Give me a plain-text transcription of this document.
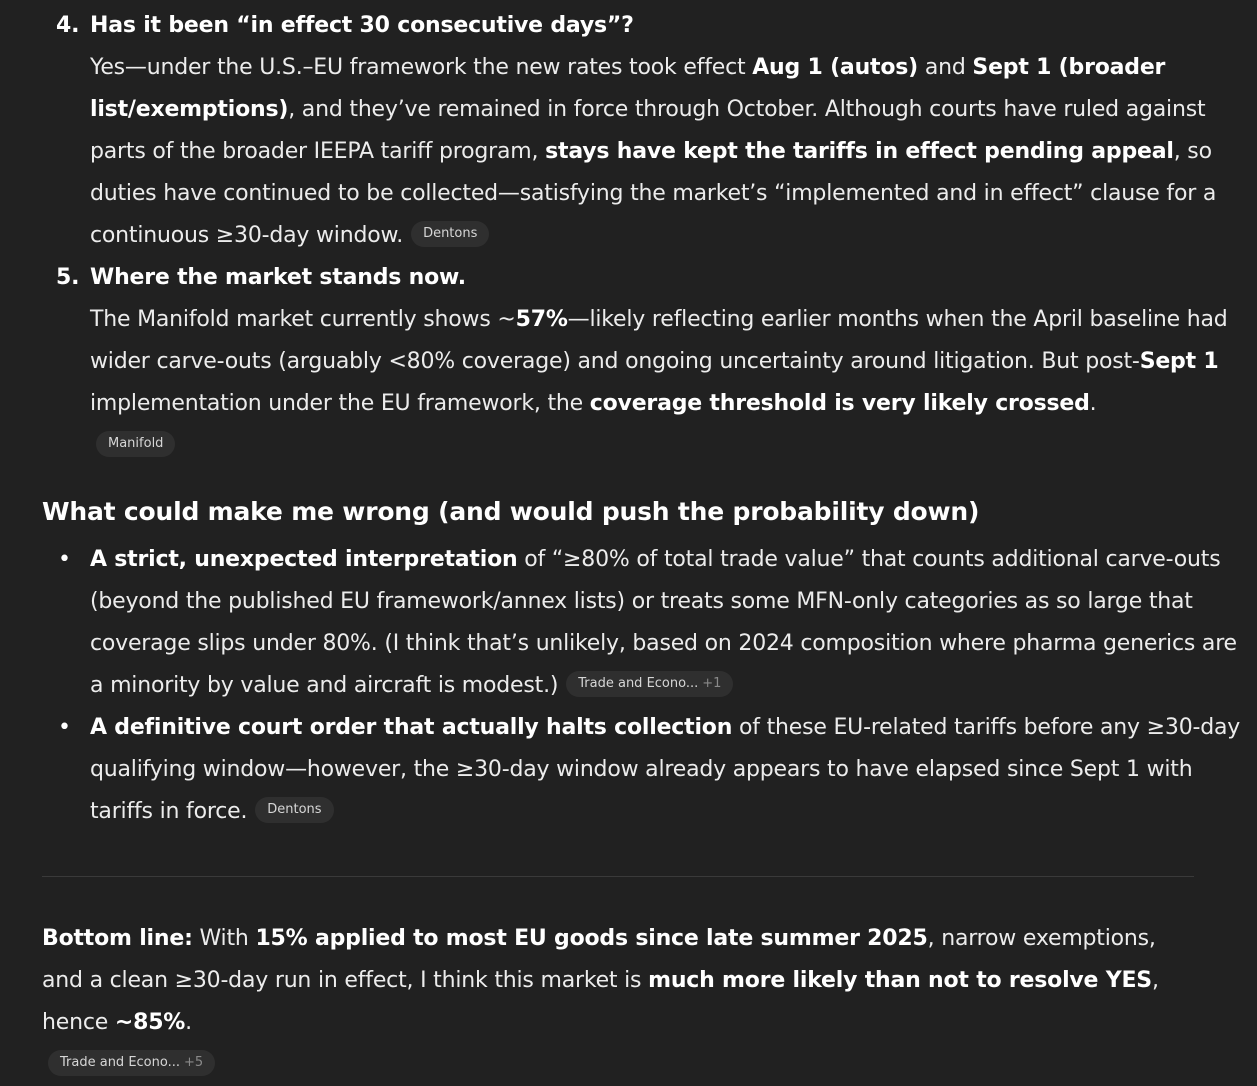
4. Has it been “in effect 30 consecutive days”?

Yes—under the U.S.–EU framework the new rates took effect Aug 1 (autos) and Sept 1 (broader list/exemptions), and they’ve remained in force through October. Although courts have ruled against parts of the broader IEEPA tariff program, stays have kept the tariffs in effect pending appeal, so duties have continued to be collected—satisfying the market’s “implemented and in effect” clause for a continuous ≥30-day window. Dentons

5. Where the market stands now.

The Manifold market currently shows ~57%—likely reflecting earlier months when the April baseline had wider carve-outs (arguably <80% coverage) and ongoing uncertainty around litigation. But post-Sept 1 implementation under the EU framework, the coverage threshold is very likely crossed.

Manifold
What could make me wrong (and would push the probability down)
• A strict, unexpected interpretation of “≥80% of total trade value” that counts additional carve-outs (beyond the published EU framework/annex lists) or treats some MFN-only categories as so large that coverage slips under 80%. (I think that’s unlikely, based on 2024 composition where pharma generics are a minority by value and aircraft is modest.) Trade and Econo... +1

• A definitive court order that actually halts collection of these EU-related tariffs before any ≥30-day qualifying window—however, the ≥30-day window already appears to have elapsed since Sept 1 with tariffs in force. Dentons

Bottom line: With 15% applied to most EU goods since late summer 2025, narrow exemptions, and a clean ≥30-day run in effect, I think this market is much more likely than not to resolve YES, hence ~85%.

Trade and Econo... +5
